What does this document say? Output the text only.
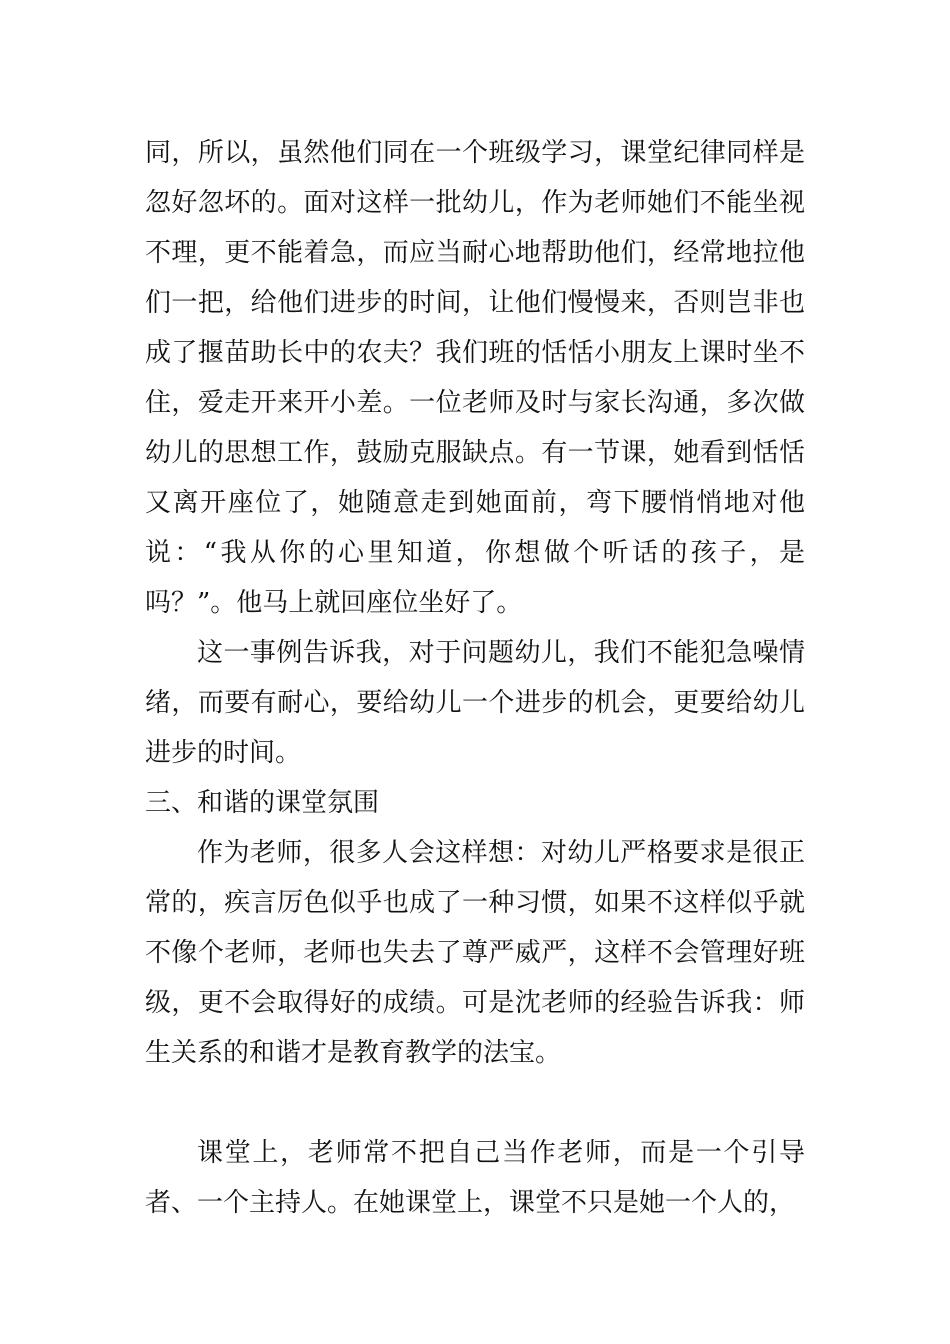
同，所以，虽然他们同在一个班级学习，课堂纪律同样是忽好忽坏的。面对这样一批幼儿，作为老师她们不能坐视不理，更不能着急，而应当耐心地帮助他们，经常地拉他们一把，给他们进步的时间，让他们慢慢来，否则岂非也成了揠苗助长中的农夫？我们班的恬恬小朋友上课时坐不住，爱走开来开小差。一位老师及时与家长沟通，多次做幼儿的思想工作，鼓励克服缺点。有一节课，她看到恬恬又离开座位了，她随意走到她面前，弯下腰悄悄地对他说：“我从你的心里知道，你想做个听话的孩子，是吗？”。他马上就回座位坐好了。

这一事例告诉我，对于问题幼儿，我们不能犯急噪情绪，而要有耐心，要给幼儿一个进步的机会，更要给幼儿进步的时间。

三、和谐的课堂氛围

作为老师，很多人会这样想：对幼儿严格要求是很正常的，疾言厉色似乎也成了一种习惯，如果不这样似乎就不像个老师，老师也失去了尊严威严，这样不会管理好班级，更不会取得好的成绩。可是沈老师的经验告诉我：师生关系的和谐才是教育教学的法宝。

课堂上，老师常不把自己当作老师，而是一个引导者、一个主持人。在她课堂上，课堂不只是她一个人的，
